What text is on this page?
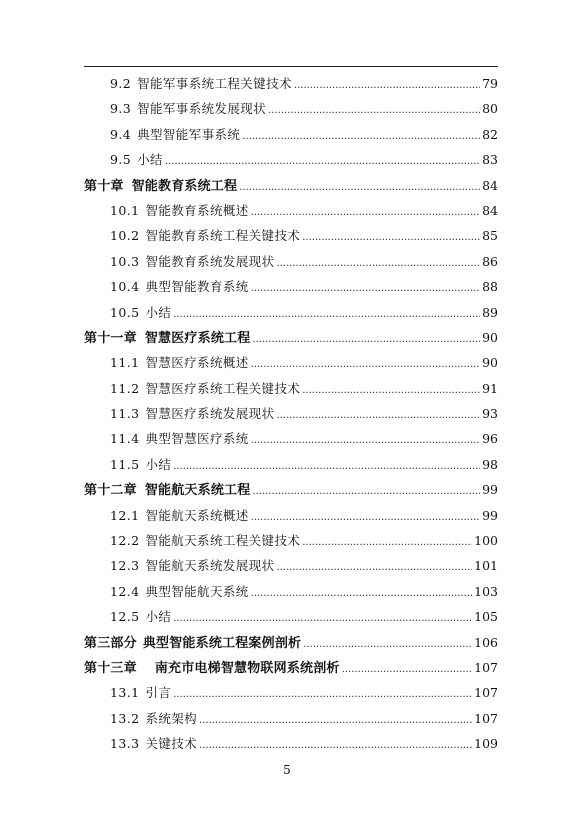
9.2 智能军事系统工程关键技术 .....	79
9.3 智能军事系统发展现状 .....	80
9.4 典型智能军事系统 .....	82
9.5 小结 .....	83
第十章 智能教育系统工程 .....	84
10.1 智能教育系统概述 .....	84
10.2 智能教育系统工程关键技术 .....	85
10.3 智能教育系统发展现状 .....	86
10.4 典型智能教育系统 .....	88
10.5 小结 .....	89
第十一章 智慧医疗系统工程 .....	90
11.1 智慧医疗系统概述 .....	90
11.2 智慧医疗系统工程关键技术 .....	91
11.3 智慧医疗系统发展现状 .....	93
11.4 典型智慧医疗系统 .....	96
11.5 小结 .....	98
第十二章 智能航天系统工程 .....	99
12.1 智能航天系统概述 .....	99
12.2 智能航天系统工程关键技术 .....	100
12.3 智能航天系统发展现状 .....	101
12.4 典型智能航天系统 .....	103
12.5 小结 .....	105
第三部分 典型智能系统工程案例剖析 .....	106
第十三章 南充市电梯智慧物联网系统剖析 .....	107
13.1 引言 .....	107
13.2 系统架构 .....	107
13.3 关键技术 .....	109
5
